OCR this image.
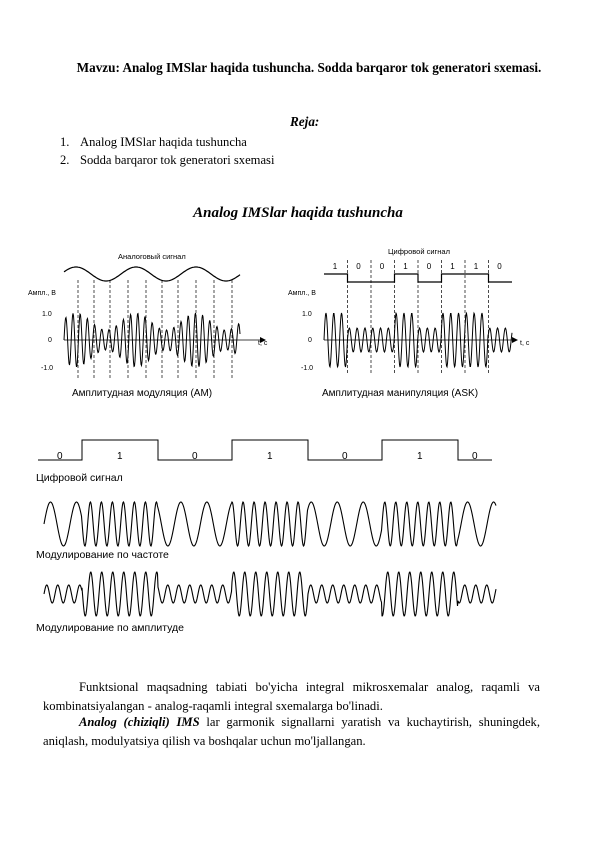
Mavzu: Analog IMSlar haqida tushuncha. Sodda barqaror tok generatori sxemasi.
Reja:
1. Analog IMSlar haqida tushuncha
2. Sodda barqaror tok generatori sxemasi
Analog IMSlar haqida tushuncha
Аналоговый сигнал
Ампл., В
1.0
0
-1.0
t, c
Амплитудная модуляция (AM)
Цифровой сигнал
1 0 0 1 0 1 1 0
Ампл., В
1.0
0
-1.0
t, c
Амплитудная манипуляция (ASK)
0	1	0	1	0	1	0
Цифровой сигнал
Модулирование по частоте
Модулирование по амплитуде

Funktsional maqsadning tabiati bo'yicha integral mikrosxemalar analog, raqamli va kombinatsiyalangan - analog-raqamli integral sxemalarga bo'linadi.

Analog (chiziqli) IMS lar garmonik signallarni yaratish va kuchaytirish, shuningdek, aniqlash, modulyatsiya qilish va boshqalar uchun mo'ljallangan.
